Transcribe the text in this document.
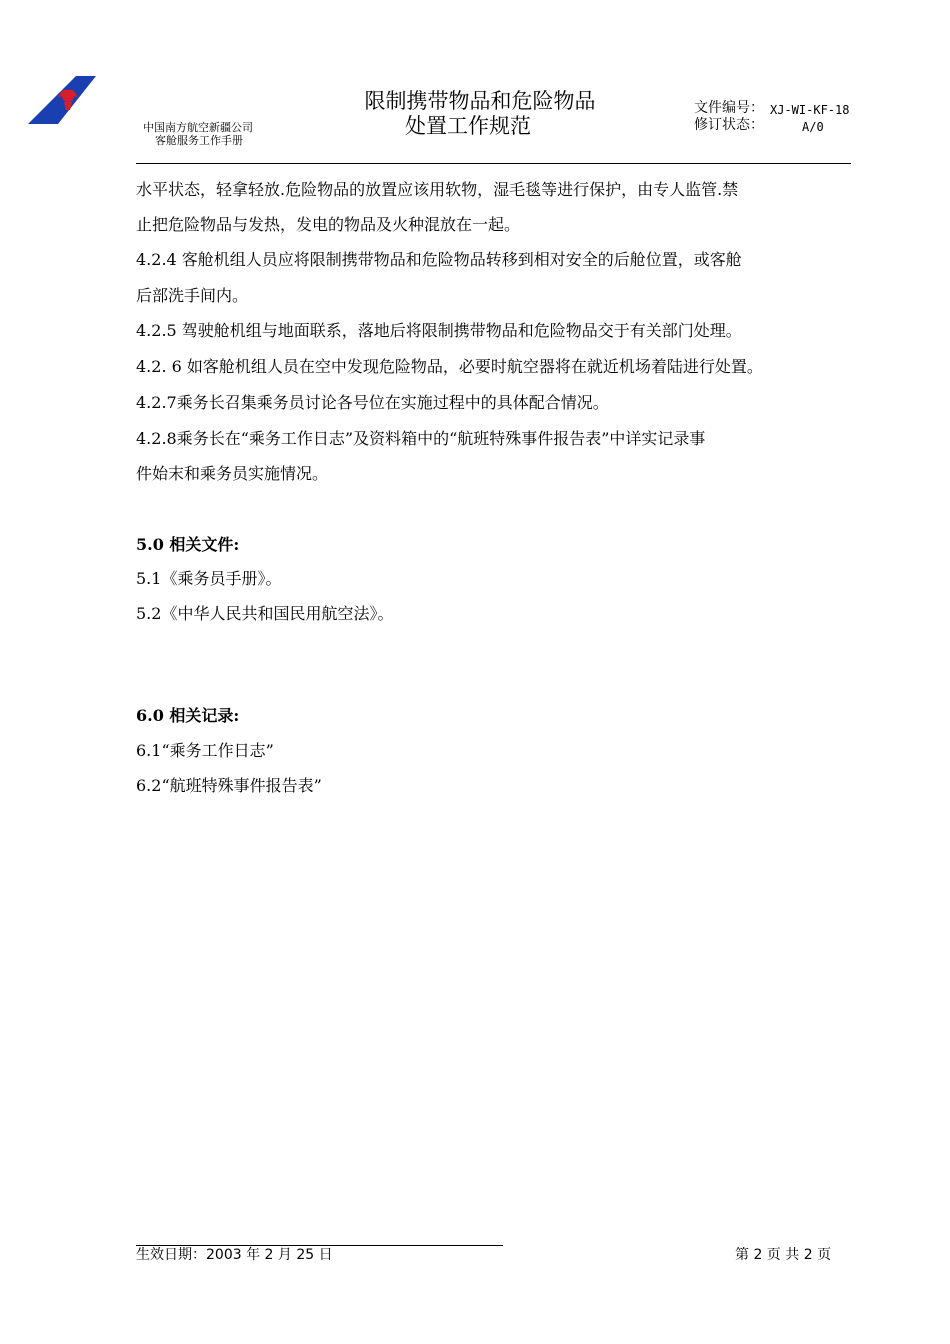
中国南方航空新疆公司
客舱服务工作手册
限制携带物品和危险物品
处置工作规范
文件编号： XJ-WI-KF-18
修订状态：	A/0
水平状态，轻拿轻放.危险物品的放置应该用软物，湿毛毯等进行保护，由专人监管.禁
止把危险物品与发热，发电的物品及火种混放在一起。
4.2.4 客舱机组人员应将限制携带物品和危险物品转移到相对安全的后舱位置，或客舱
后部洗手间内。
4.2.5 驾驶舱机组与地面联系，落地后将限制携带物品和危险物品交于有关部门处理。
4.2. 6 如客舱机组人员在空中发现危险物品，必要时航空器将在就近机场着陆进行处置。
4.2.7乘务长召集乘务员讨论各号位在实施过程中的具体配合情况。
4.2.8乘务长在“乘务工作日志”及资料箱中的“航班特殊事件报告表”中详实记录事
件始末和乘务员实施情况。
5.0 相关文件:
5.1《乘务员手册》。
5.2《中华人民共和国民用航空法》。
6.0 相关记录:
6.1“乘务工作日志”
6.2“航班特殊事件报告表”
生效日期：2003 年 2 月 25 日	第 2 页 共 2 页
